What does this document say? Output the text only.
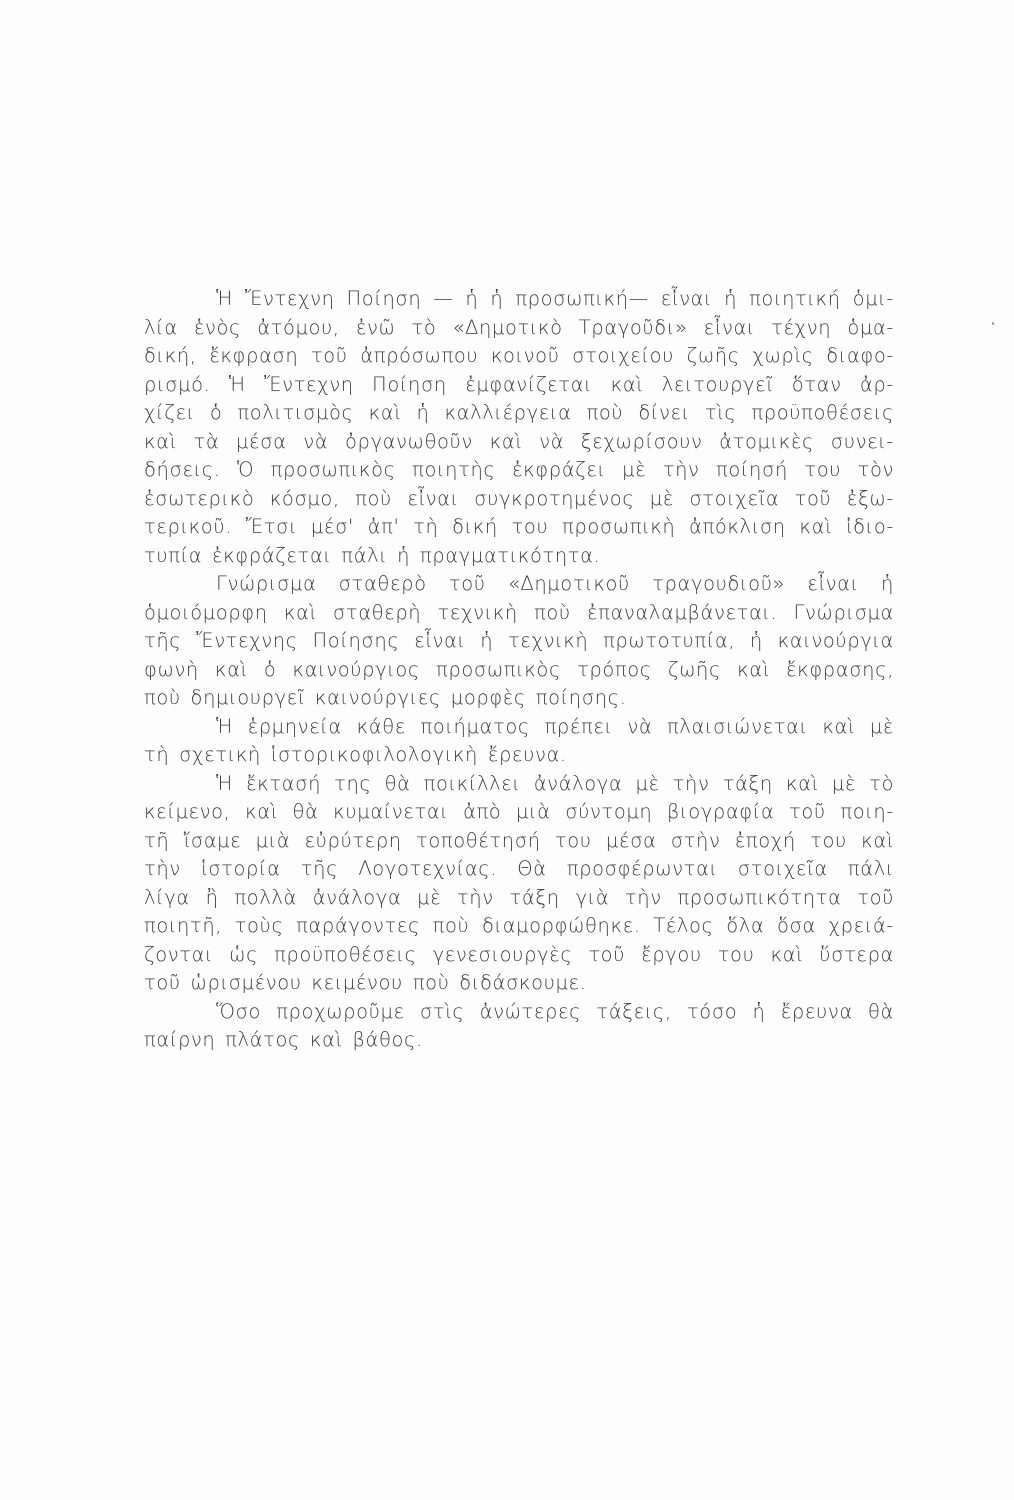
Ἡ Ἔντεχνη Ποίηση — ἡ ἡ προσωπική— εἶναι ἡ ποιητική ὁμι-
λία ἑνὸς ἀτόμου, ἐνῶ τὸ «Δημοτικὸ Τραγοῦδι» εἶναι τέχνη ὁμα-
δική, ἔκφραση τοῦ ἀπρόσωπου κοινοῦ στοιχείου ζωῆς χωρὶς διαφο-
ρισμό. Ἡ Ἔντεχνη Ποίηση ἐμφανίζεται καὶ λειτουργεῖ ὅταν ἀρ-
χίζει ὁ πολιτισμὸς καὶ ἡ καλλιέργεια ποὺ δίνει τὶς προϋποθέσεις
καὶ τὰ μέσα νὰ ὀργανωθοῦν καὶ νὰ ξεχωρίσουν ἀτομικὲς συνει-
δήσεις. Ὁ προσωπικὸς ποιητὴς ἐκφράζει μὲ τὴν ποίησή του τὸν
ἐσωτερικὸ κόσμο, ποὺ εἶναι συγκροτημένος μὲ στοιχεῖα τοῦ ἐξω-
τερικοῦ. Ἔτσι μέσ' ἀπ' τὴ δική του προσωπικὴ ἀπόκλιση καὶ ἰδιο-
τυπία ἐκφράζεται πάλι ἡ πραγματικότητα.
Γνώρισμα σταθερὸ τοῦ «Δημοτικοῦ τραγουδιοῦ» εἶναι ἡ
ὁμοιόμορφη καὶ σταθερὴ τεχνικὴ ποὺ ἐπαναλαμβάνεται. Γνώρισμα
τῆς Ἔντεχνης Ποίησης εἶναι ἡ τεχνικὴ πρωτοτυπία, ἡ καινούργια
φωνὴ καὶ ὁ καινούργιος προσωπικὸς τρόπος ζωῆς καὶ ἔκφρασης,
ποὺ δημιουργεῖ καινούργιες μορφὲς ποίησης.
Ἡ ἑρμηνεία κάθε ποιήματος πρέπει νὰ πλαισιώνεται καὶ μὲ
τὴ σχετικὴ ἱστορικοφιλολογικὴ ἔρευνα.
Ἡ ἔκτασή της θὰ ποικίλλει ἀνάλογα μὲ τὴν τάξη καὶ μὲ τὸ
κείμενο, καὶ θὰ κυμαίνεται ἀπὸ μιὰ σύντομη βιογραφία τοῦ ποιη-
τῆ ἴσαμε μιὰ εὐρύτερη τοποθέτησή του μέσα στὴν ἐποχή του καὶ
τὴν ἱστορία τῆς Λογοτεχνίας. Θὰ προσφέρωνται στοιχεῖα πάλι
λίγα ἢ πολλὰ ἀνάλογα μὲ τὴν τάξη γιὰ τὴν προσωπικότητα τοῦ
ποιητῆ, τοὺς παράγοντες ποὺ διαμορφώθηκε. Τέλος ὅλα ὅσα χρειά-
ζονται ὡς προϋποθέσεις γενεσιουργὲς τοῦ ἔργου του καὶ ὕστερα
τοῦ ὡρισμένου κειμένου ποὺ διδάσκουμε.
Ὅσο προχωροῦμε στὶς ἀνώτερες τάξεις, τόσο ἡ ἔρευνα θὰ
παίρνη πλάτος καὶ βάθος.
